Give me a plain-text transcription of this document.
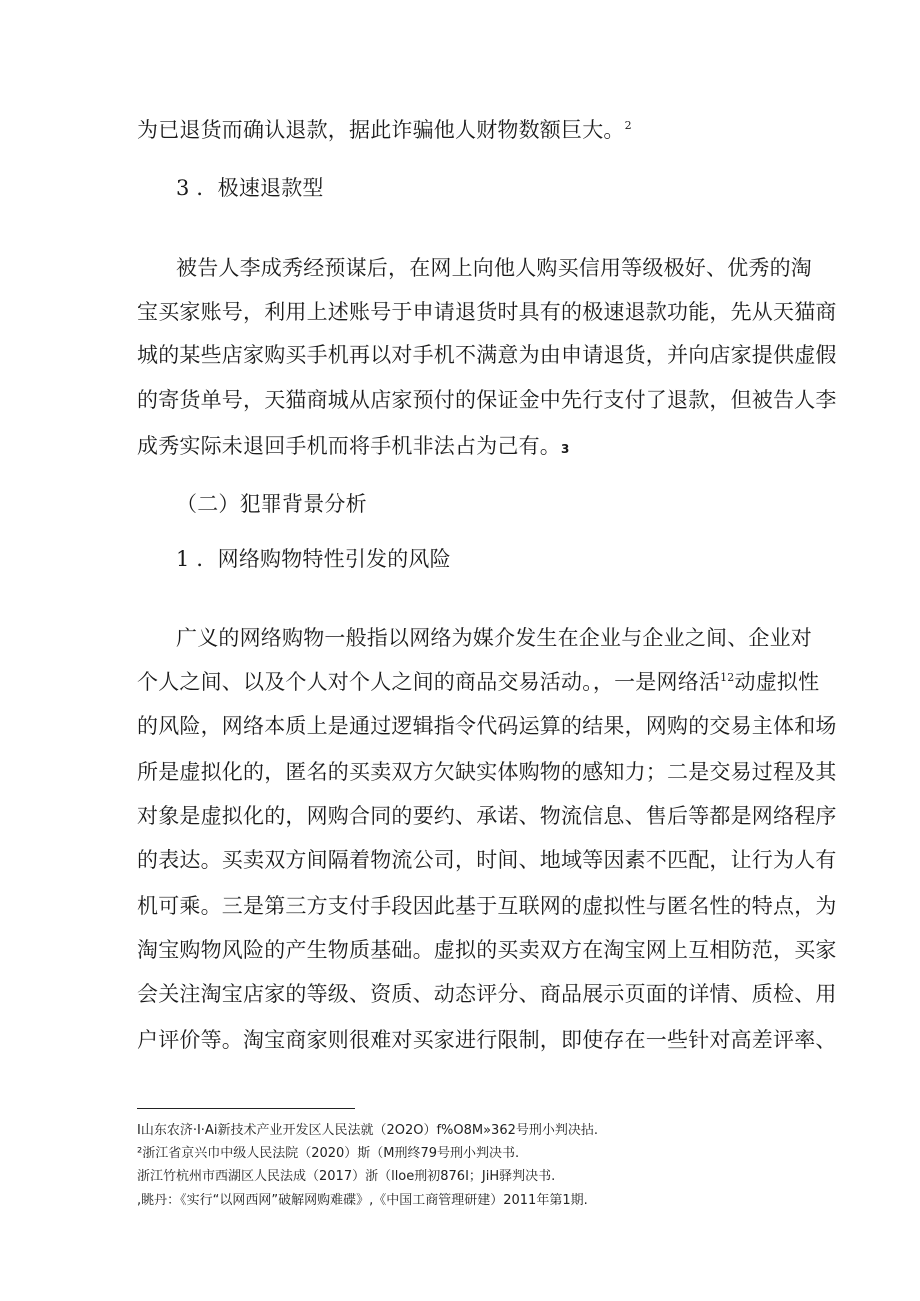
为已退货而确认退款，据此诈骗他人财物数额巨大。$^2$
3 ．极速退款型
被告人李成秀经预谋后，在网上向他人购买信用等级极好、优秀的淘
宝买家账号，利用上述账号于申请退货时具有的极速退款功能，先从天猫商
城的某些店家购买手机再以对手机不满意为由申请退货，并向店家提供虚假
的寄货单号，天猫商城从店家预付的保证金中先行支付了退款，但被告人李
成秀实际未退回手机而将手机非法占为己有。3
（二）犯罪背景分析
1 ．网络购物特性引发的风险
广义的网络购物一般指以网络为媒介发生在企业与企业之间、企业对
个人之间、以及个人对个人之间的商品交易活动。，一是网络活$^{12}$动虚拟性
的风险，网络本质上是通过逻辑指令代码运算的结果，网购的交易主体和场
所是虚拟化的，匿名的买卖双方欠缺实体购物的感知力；二是交易过程及其
对象是虚拟化的，网购合同的要约、承诺、物流信息、售后等都是网络程序
的表达。买卖双方间隔着物流公司，时间、地域等因素不匹配，让行为人有
机可乘。三是第三方支付手段因此基于互联网的虚拟性与匿名性的特点，为
淘宝购物风险的产生物质基础。虚拟的买卖双方在淘宝网上互相防范，买家
会关注淘宝店家的等级、资质、动态评分、商品展示页面的详情、质检、用
户评价等。淘宝商家则很难对买家进行限制，即使存在一些针对高差评率、
I山东农济·I·Ai新技术产业开发区人民法就（2O2O）f%O8M»362号刑小判决拈.
²浙江省京兴巾中级人民法院（2020）斯（M刑终79号刑小判决书.
浙江竹杭州市西湖区人民法成（2017）浙（lloe刑初876I；JiH驿判决书.
,眺丹：《实行“以网西网”破解网购难碟》,《中国工商管理研建）2011年第1期.
